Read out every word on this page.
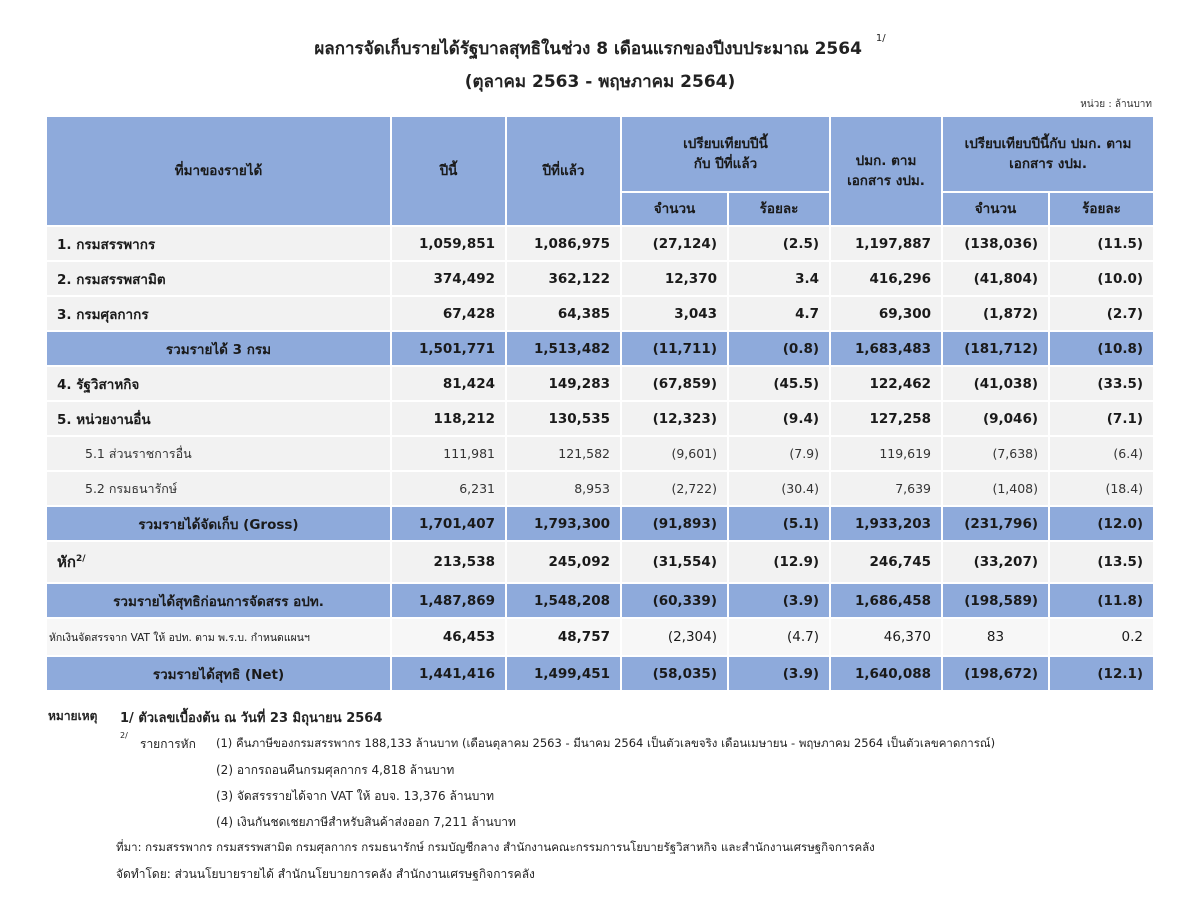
ผลการจัดเก็บรายได้รัฐบาลสุทธิในช่วง 8 เดือนแรกของปีงบประมาณ $2564^{1/}$
(ตุลาคม 2563 - พฤษภาคม 2564)
หน่วย : ล้านบาท
ที่มาของรายได้	ปีนี้	ปีที่แล้ว	เปรียบเทียบปีนี้กับ ปีที่แล้ว		ปมก. ตาม เอกสาร งปม.	เปรียบเทียบปีนี้กับ ปมก. ตามเอกสาร งปม.	
			จำนวน	ร้อยละ		จำนวน	ร้อยละ
1. กรมสรรพากร	1,059,851	1,086,975	(27,124)	(2.5)	1,197,887	(138,036)	(11.5)
2. กรมสรรพสามิต	374,492	362,122	12,370	3.4	416,296	(41,804)	(10.0)
3. กรมศุลกากร	67,428	64,385	3,043	4.7	69,300	(1,872)	(2.7)
รวมรายได้ 3 กรม	1,501,771	1,513,482	(11,711)	(0.8)	1,683,483	(181,712)	(10.8)
4. รัฐวิสาหกิจ	81,424	149,283	(67,859)	(45.5)	122,462	(41,038)	(33.5)
5. หน่วยงานอื่น	118,212	130,535	(12,323)	(9.4)	127,258	(9,046)	(7.1)
5.1 ส่วนราชการอื่น	111,981	121,582	(9,601)	(7.9)	119,619	(7,638)	(6.4)
5.2 กรมธนารักษ์	6,231	8,953	(2,722)	(30.4)	7,639	(1,408)	(18.4)
รวมรายได้จัดเก็บ (Gross)	1,701,407	1,793,300	(91,893)	(5.1)	1,933,203	(231,796)	(12.0)
หัก$^{2/}$	213,538	245,092	(31,554)	(12.9)	246,745	(33,207)	(13.5)
รวมรายได้สุทธิก่อนการจัดสรร อปท.	1,487,869	1,548,208	(60,339)	(3.9)	1,686,458	(198,589)	(11.8)
หักเงินจัดสรรจาก VAT ให้ อปท. ตาม พ.ร.บ. กำหนดแผนฯ	46,453	48,757	(2,304)	(4.7)	46,370	83	0.2
รวมรายได้สุทธิ (Net)	1,441,416	1,499,451	(58,035)	(3.9)	1,640,088	(198,672)	(12.1)
หมายเหตุ 1/ ตัวเลขเบื้องต้น ณ วันที่ 23 มิถุนายน 2564
2/
รายการหัก (1) คืนภาษีของกรมสรรพากร 188,133 ล้านบาท (เดือนตุลาคม 2563 - มีนาคม 2564 เป็นตัวเลขจริง เดือนเมษายน - พฤษภาคม 2564 เป็นตัวเลขคาดการณ์)
(2) อากรถอนคืนกรมศุลกากร 4,818 ล้านบาท
(3) จัดสรรรายได้จาก VAT ให้ อบจ. 13,376 ล้านบาท
(4) เงินกันชดเชยภาษีสำหรับสินค้าส่งออก 7,211 ล้านบาท
ที่มา: กรมสรรพากร กรมสรรพสามิต กรมศุลกากร กรมธนารักษ์ กรมบัญชีกลาง สำนักงานคณะกรรมการนโยบายรัฐวิสาหกิจ และสำนักงานเศรษฐกิจการคลัง
จัดทำโดย: ส่วนนโยบายรายได้ สำนักนโยบายการคลัง สำนักงานเศรษฐกิจการคลัง
